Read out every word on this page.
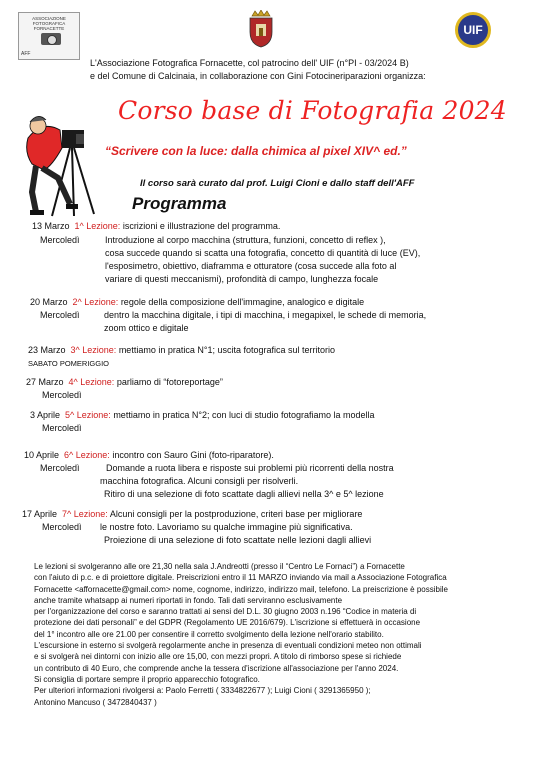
ASSOCIAZIONE
FOTOGRAFICA
FORNACETTE
AFF
UIF
L'Associazione Fotografica Fornacette, col patrocino dell' UIF (n°PI - 03/2024 B)
e del Comune di Calcinaia, in collaborazione con Gini Fotocineriparazioni organizza:
Corso base di Fotografia 2024
“Scrivere con la luce: dalla chimica al pixel XIV^ ed.”
Il corso sarà curato dal prof. Luigi Cioni e dallo staff dell'AFF
Programma
13 Marzo 1^ Lezione: iscrizioni e illustrazione del programma.
Mercoledì	Introduzione al corpo macchina (struttura, funzioni, concetto di reflex ),
cosa succede quando si scatta una fotografia, concetto di quantità di luce (EV),
l'esposimetro, obiettivo, diaframma e otturatore (cosa succede alla foto al
variare di questi meccanismi), profondità di campo, lunghezza focale
20 Marzo 2^ Lezione: regole della composizione dell'immagine, analogico e digitale
Mercoledì	dentro la macchina digitale, i tipi di macchina, i megapixel, le schede di memoria,
zoom ottico e digitale
23 Marzo 3^ Lezione: mettiamo in pratica N°1; uscita fotografica sul territorio
SABATO POMERIGGIO
27 Marzo 4^ Lezione: parliamo di “fotoreportage”
Mercoledì
3 Aprile 5^ Lezione: mettiamo in pratica N°2; con luci di studio fotografiamo la modella
Mercoledì
10 Aprile 6^ Lezione: incontro con Sauro Gini (foto-riparatore).
Mercoledì	Domande a ruota libera e risposte sui problemi più ricorrenti della nostra
macchina fotografica. Alcuni consigli per risolverli.
Ritiro di una selezione di foto scattate dagli allievi nella 3^ e 5^ lezione
17 Aprile 7^ Lezione: Alcuni consigli per la postproduzione, criteri base per migliorare
Mercoledì le nostre foto. Lavoriamo su qualche immagine più significativa.
Proiezione di una selezione di foto scattate nelle lezioni dagli allievi
Le lezioni si svolgeranno alle ore 21,30 nella sala J.Andreotti (presso il “Centro Le Fornaci”) a Fornacette
con l'aiuto di p.c. e di proiettore digitale. Preiscrizioni entro il 11 MARZO inviando via mail a Associazione Fotografica
Fornacette <affornacette@gmail.com> nome, cognome, indirizzo, indirizzo mail, telefono. La preiscrizione è possibile
anche tramite whatsapp ai numeri riportati in fondo. Tali dati serviranno esclusivamente
per l'organizzazione del corso e saranno trattati ai sensi del D.L. 30 giugno 2003 n.196 “Codice in materia di
protezione dei dati personali” e del GDPR (Regolamento UE 2016/679). L'iscrizione si effettuerà in occasione
del 1° incontro alle ore 21.00 per consentire il corretto svolgimento della lezione nell'orario stabilito.
L'escursione in esterno si svolgerà regolarmente anche in presenza di eventuali condizioni meteo non ottimali
e si svolgerà nei dintorni con inizio alle ore 15,00, con mezzi propri. A titolo di rimborso spese si richiede
un contributo di 40 Euro, che comprende anche la tessera d'iscrizione all'associazione per l'anno 2024.
Si consiglia di portare sempre il proprio apparecchio fotografico.
Per ulteriori informazioni rivolgersi a: Paolo Ferretti ( 3334822677 ); Luigi Cioni ( 3291365950 );
Antonino Mancuso ( 3472840437 )
